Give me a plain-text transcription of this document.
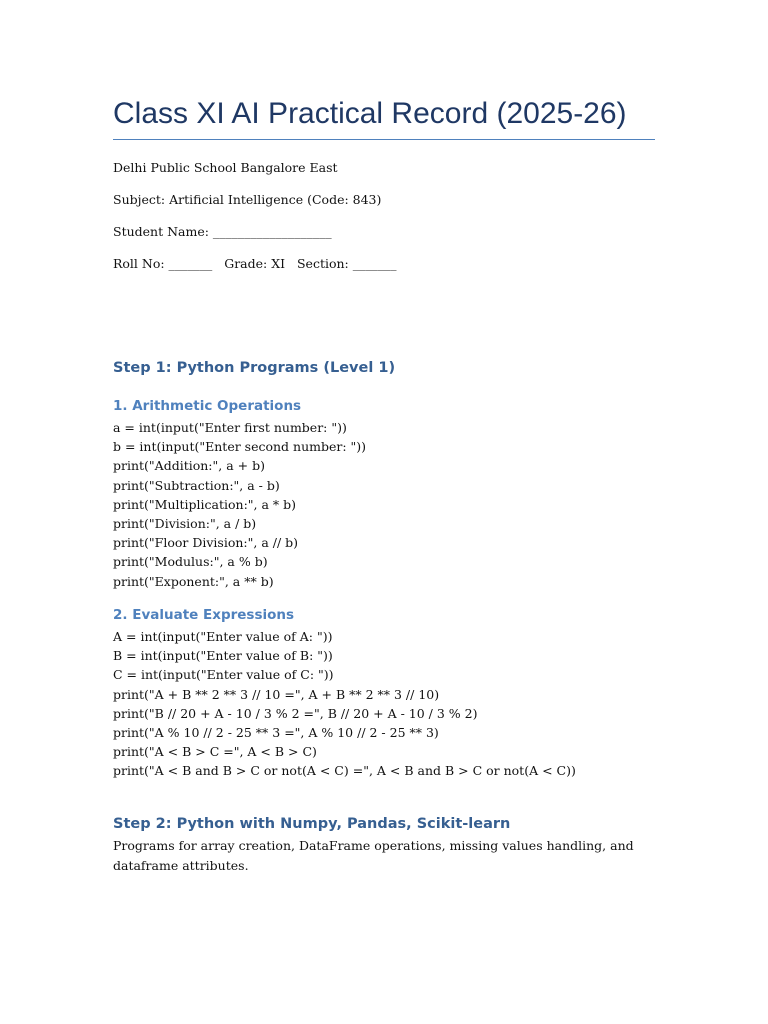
Class XI AI Practical Record (2025-26)
Delhi Public School Bangalore East
Subject: Artificial Intelligence (Code: 843)
Student Name: ___________________
Roll No: _______   Grade: XI   Section: _______
Step 1: Python Programs (Level 1)
1. Arithmetic Operations
a = int(input("Enter first number: "))
b = int(input("Enter second number: "))
print("Addition:", a + b)
print("Subtraction:", a - b)
print("Multiplication:", a * b)
print("Division:", a / b)
print("Floor Division:", a // b)
print("Modulus:", a % b)
print("Exponent:", a ** b)
2. Evaluate Expressions
A = int(input("Enter value of A: "))
B = int(input("Enter value of B: "))
C = int(input("Enter value of C: "))
print("A + B ** 2 ** 3 // 10 =", A + B ** 2 ** 3 // 10)
print("B // 20 + A - 10 / 3 % 2 =", B // 20 + A - 10 / 3 % 2)
print("A % 10 // 2 - 25 ** 3 =", A % 10 // 2 - 25 ** 3)
print("A < B > C =", A < B > C)
print("A < B and B > C or not(A < C) =", A < B and B > C or not(A < C))
Step 2: Python with Numpy, Pandas, Scikit-learn
Programs for array creation, DataFrame operations, missing values handling, and dataframe attributes.
